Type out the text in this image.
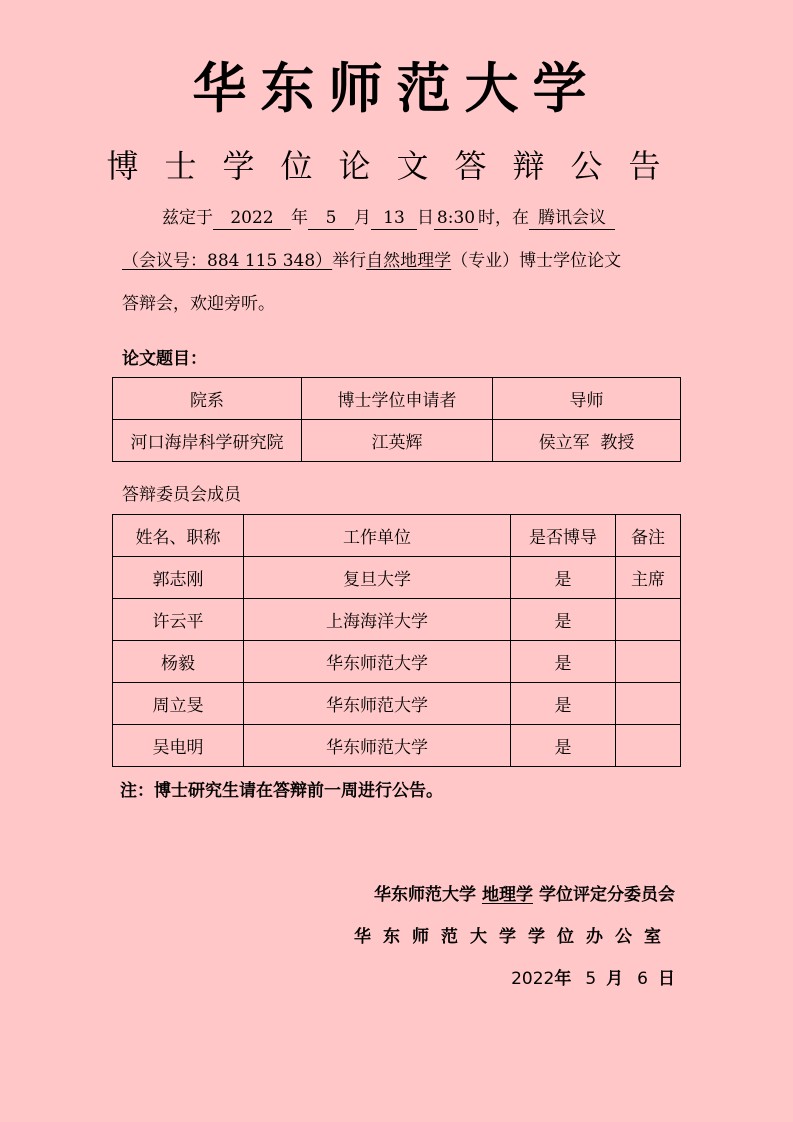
华东师范大学
博士学位论文答辩公告
兹定于 2022 年 5 月 13 日 8:30 时，在 腾讯会议
（会议号：884 115 348）举行自然地理学（专业）博士学位论文
答辩会，欢迎旁听。
论文题目：
院系	博士学位申请者	导师
河口海岸科学研究院	江英辉	侯立军  教授
答辩委员会成员
姓名、职称	工作单位	是否博导	备注
郭志刚	复旦大学	是	主席
许云平	上海海洋大学	是	
杨毅	华东师范大学	是	
周立旻	华东师范大学	是	
吴电明	华东师范大学	是	
注：博士研究生请在答辩前一周进行公告。
华东师范大学 地理学 学位评定分委员会
华东师范大学学位办公室
2022年 5 月 6 日
